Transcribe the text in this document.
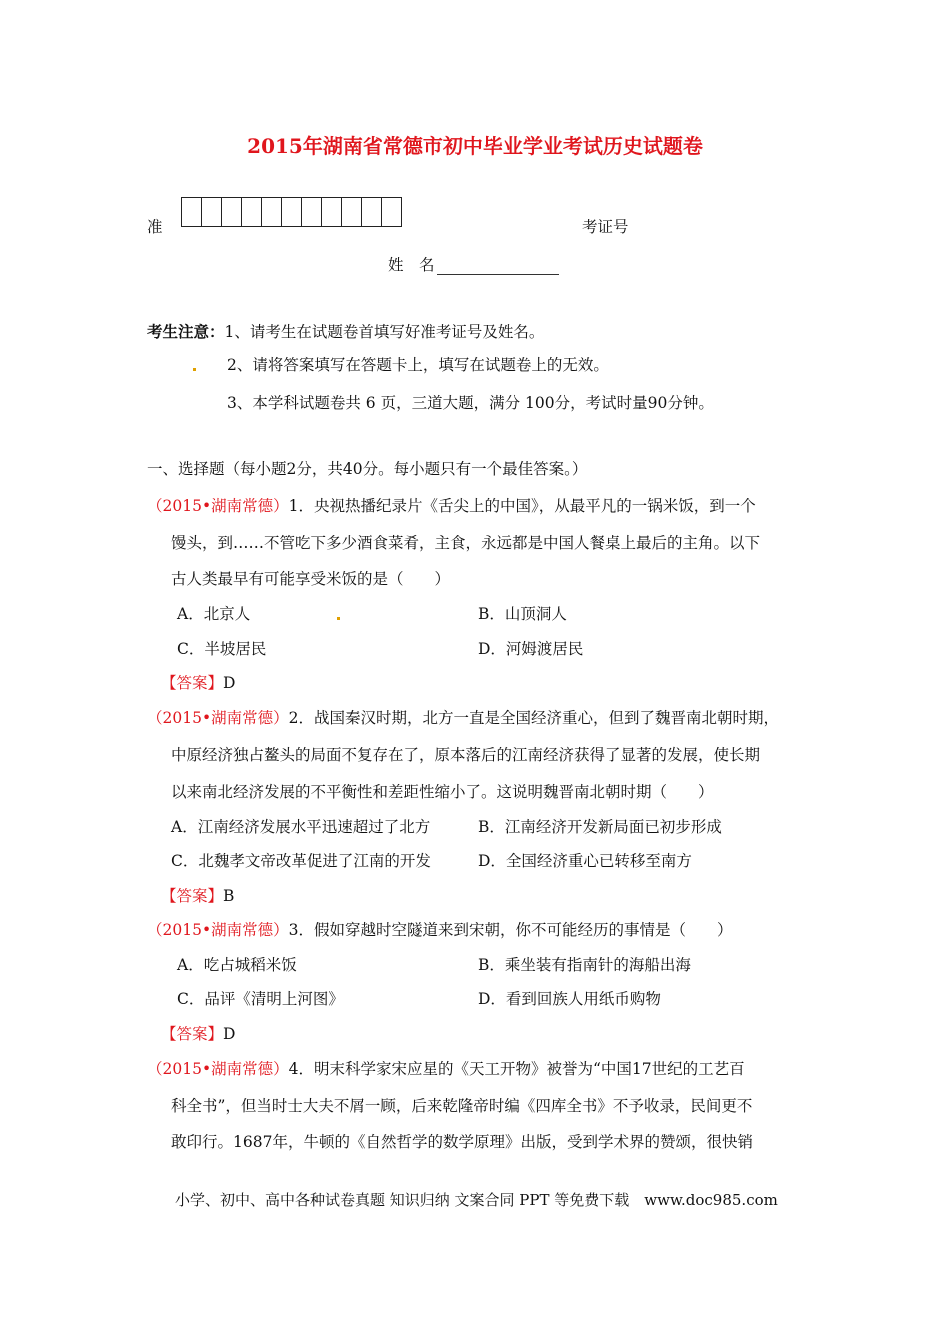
2015年湖南省常德市初中毕业学业考试历史试题卷
准	考证号
姓　名
考生注意：1、请考生在试题卷首填写好准考证号及姓名。
2、请将答案填写在答题卡上，填写在试题卷上的无效。
3、本学科试题卷共 6 页，三道大题，满分 100分，考试时量90分钟。
一、选择题（每小题2分，共40分。每小题只有一个最佳答案。）
（2015•湖南常德）1．央视热播纪录片《舌尖上的中国》，从最平凡的一锅米饭，到一个
馒头，到……不管吃下多少酒食菜肴，主食，永远都是中国人餐桌上最后的主角。以下
古人类最早有可能享受米饭的是（　　）
A．北京人	B．山顶洞人
C．半坡居民	D．河姆渡居民
【答案】D
（2015•湖南常德）2．战国秦汉时期，北方一直是全国经济重心，但到了魏晋南北朝时期，
中原经济独占鳌头的局面不复存在了，原本落后的江南经济获得了显著的发展，使长期
以来南北经济发展的不平衡性和差距性缩小了。这说明魏晋南北朝时期（　　）
A．江南经济发展水平迅速超过了北方	B．江南经济开发新局面已初步形成
C．北魏孝文帝改革促进了江南的开发	D．全国经济重心已转移至南方
【答案】B
（2015•湖南常德）3．假如穿越时空隧道来到宋朝，你不可能经历的事情是（　　）
A．吃占城稻米饭	B．乘坐装有指南针的海船出海
C．品评《清明上河图》	D．看到回族人用纸币购物
【答案】D
（2015•湖南常德）4．明末科学家宋应星的《天工开物》被誉为“中国17世纪的工艺百
科全书”，但当时士大夫不屑一顾，后来乾隆帝时编《四库全书》不予收录，民间更不
敢印行。1687年，牛顿的《自然哲学的数学原理》出版，受到学术界的赞颂，很快销
小学、初中、高中各种试卷真题 知识归纳 文案合同 PPT 等免费下载　www.doc985.com
